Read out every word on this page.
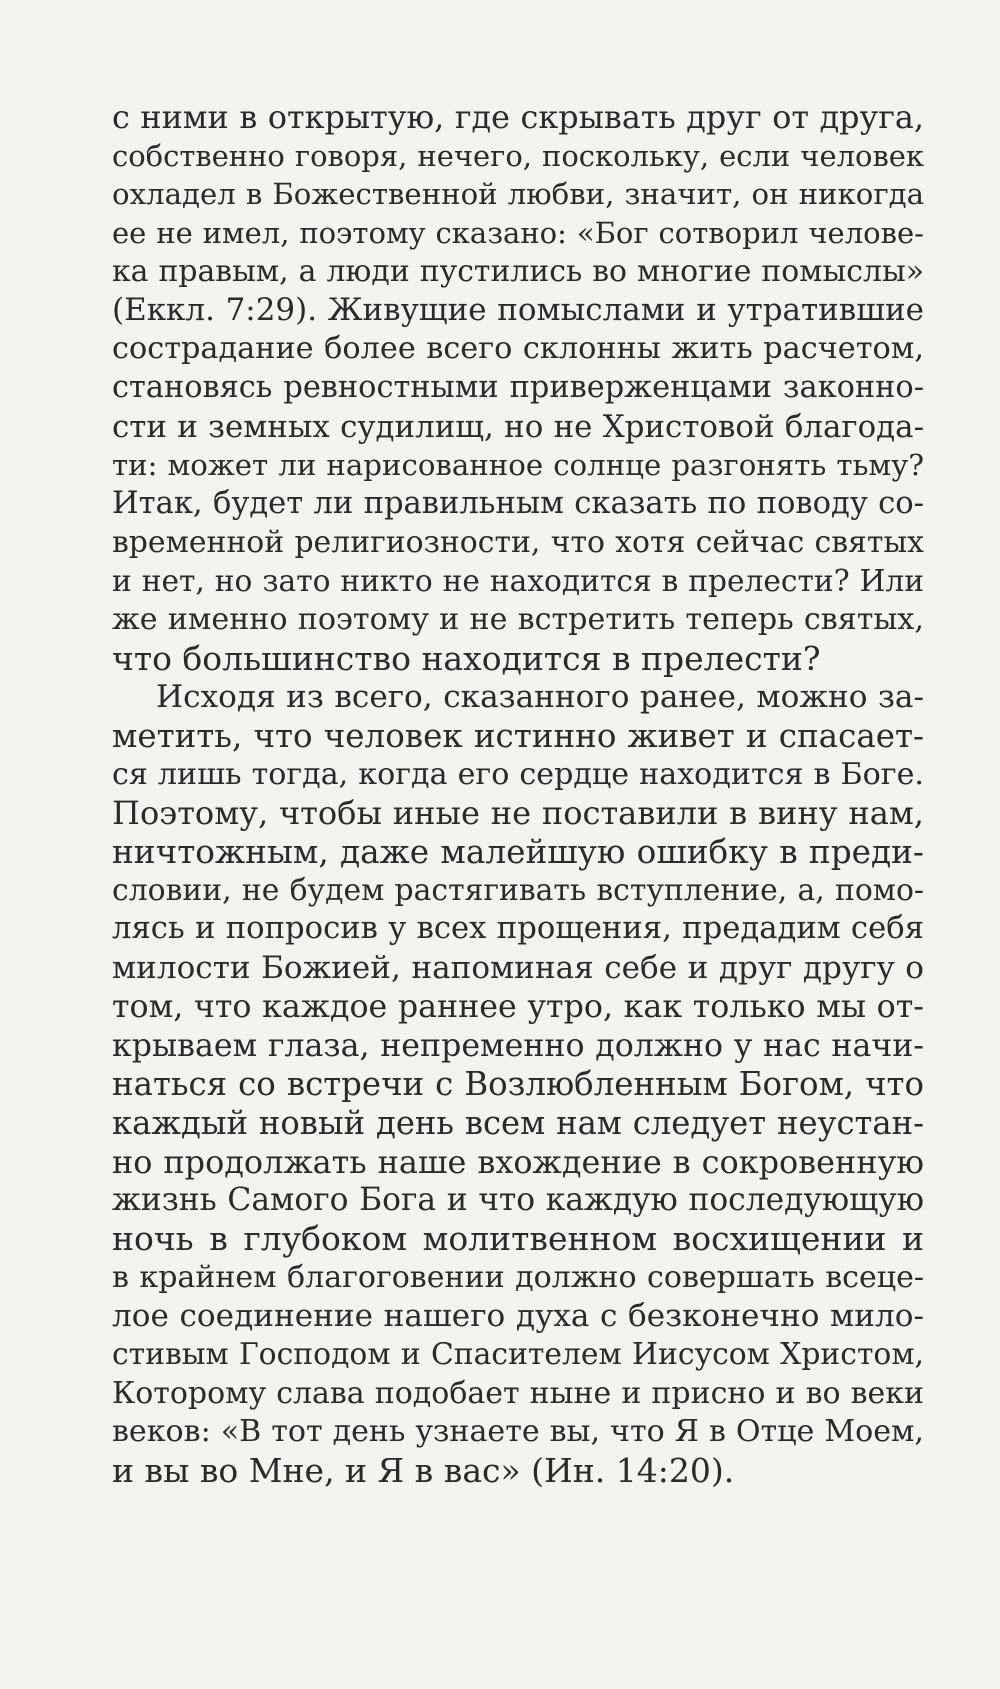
с ними в открытую, где скрывать друг от друга,
собственно говоря, нечего, поскольку, если человек
охладел в Божественной любви, значит, он никогда
ее не имел, поэтому сказано: «Бог сотворил челове-
ка правым, а люди пустились во многие помыслы»
(Еккл. 7:29). Живущие помыслами и утратившие
сострадание более всего склонны жить расчетом,
становясь ревностными приверженцами законно-
сти и земных судилищ, но не Христовой благода-
ти: может ли нарисованное солнце разгонять тьму?
Итак, будет ли правильным сказать по поводу со-
временной религиозности, что хотя сейчас святых
и нет, но зато никто не находится в прелести? Или
же именно поэтому и не встретить теперь святых,
что большинство находится в прелести?
Исходя из всего, сказанного ранее, можно за-
метить, что человек истинно живет и спасает-
ся лишь тогда, когда его сердце находится в Боге.
Поэтому, чтобы иные не поставили в вину нам,
ничтожным, даже малейшую ошибку в преди-
словии, не будем растягивать вступление, а, помо-
лясь и попросив у всех прощения, предадим себя
милости Божией, напоминая себе и друг другу о
том, что каждое раннее утро, как только мы от-
крываем глаза, непременно должно у нас начи-
наться со встречи с Возлюбленным Богом, что
каждый новый день всем нам следует неустан-
но продолжать наше вхождение в сокровенную
жизнь Самого Бога и что каждую последующую
ночь в глубоком молитвенном восхищении и
в крайнем благоговении должно совершать всеце-
лое соединение нашего духа с безконечно мило-
стивым Господом и Спасителем Иисусом Христом,
Которому слава подобает ныне и присно и во веки
веков: «В тот день узнаете вы, что Я в Отце Моем,
и вы во Мне, и Я в вас» (Ин. 14:20).
